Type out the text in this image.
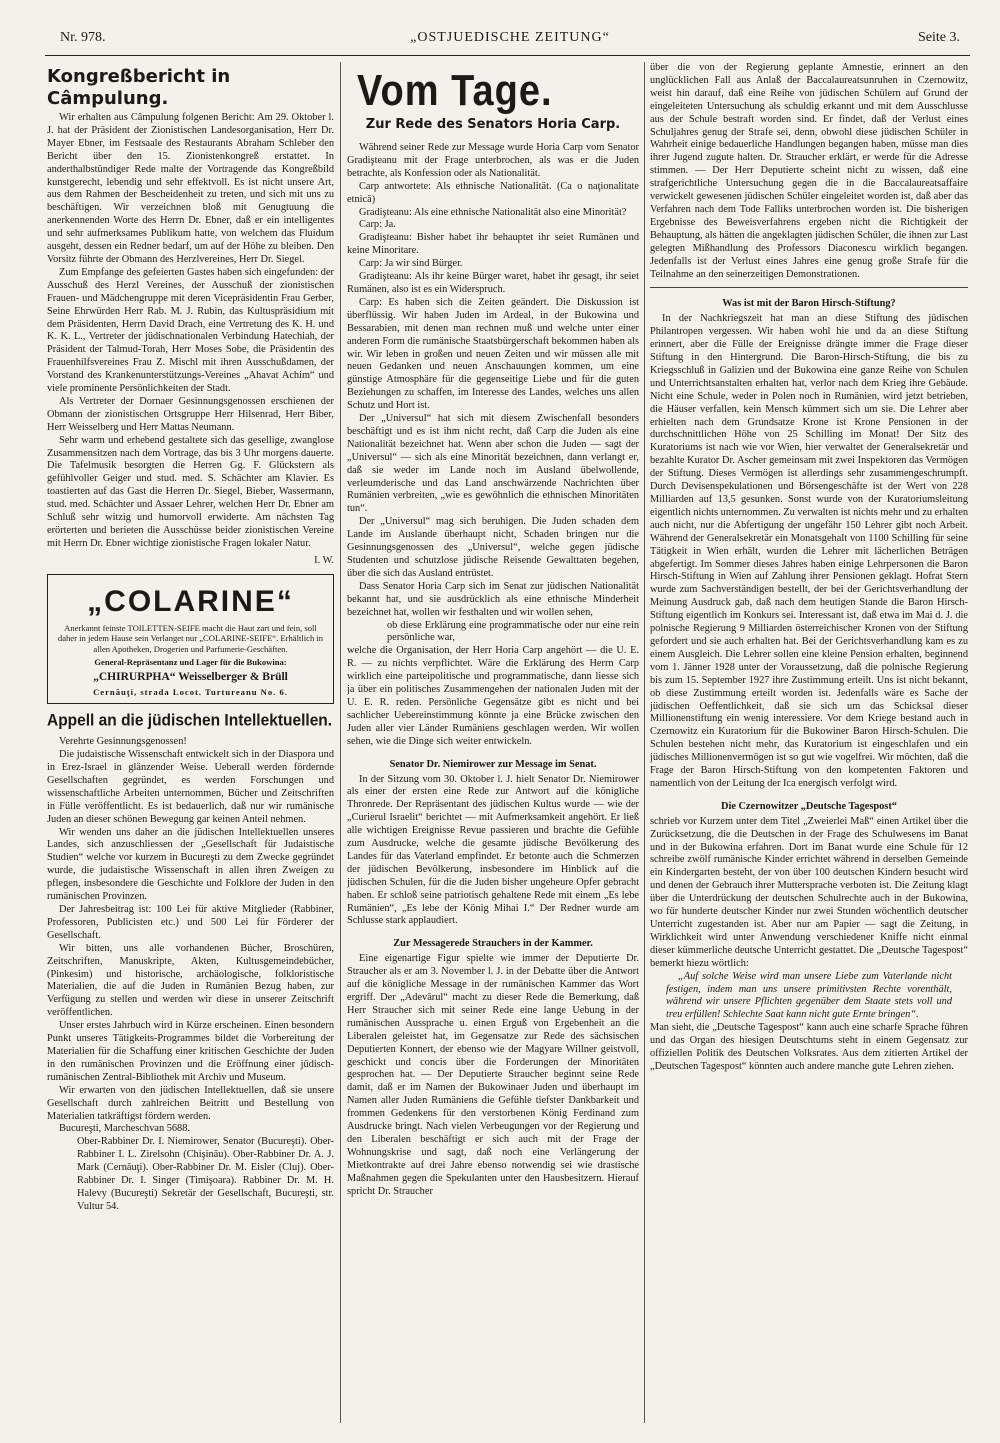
Nr. 978.	„OSTJUEDISCHE ZEITUNG“	Seite 3.
Kongreßbericht in Câmpulung.

Wir erhalten aus Câmpulung folgenen Bericht: Am 29. Oktober l. J. hat der Präsident der Zionistischen Landesorganisation, Herr Dr. Mayer Ebner, im Festsaale des Restaurants Abraham Schleber den Bericht über den 15. Zionistenkongreß erstattet. In anderthalbstündiger Rede malte der Vortragende das Kongreßbild kunstgerecht, lebendig und sehr effektvoll. Es ist nicht unsere Art, aus dem Rahmen der Bescheidenheit zu treten, und sich mit uns zu beschäftigen. Wir verzeichnen bloß mit Genugtuung die anerkennenden Worte des Herrn Dr. Ebner, daß er ein intelligentes und sehr aufmerksames Publikum hatte, von welchem das Fluidum ausgeht, dessen ein Redner bedarf, um auf der Höhe zu bleiben. Den Vorsitz führte der Obmann des Herzlvereines, Herr Dr. Siegel.

Zum Empfange des gefeierten Gastes haben sich eingefunden: der Ausschuß des Herzl Vereines, der Ausschuß der zionistischen Frauen- und Mädchengruppe mit deren Vicepräsidentin Frau Gerber, Seine Ehrwürden Herr Rab. M. J. Rubin, das Kultuspräsidium mit dem Präsidenten, Herrn David Drach, eine Vertretung des K. H. und K. K. L., Vertreter der jüdischnationalen Verbindung Hatechiah, der Präsident der Talmud-Torah, Herr Moses Sobe, die Präsidentin des Frauenhilfsvereines Frau Z. Mischl mit ihren Ausschußdamen, der Vorstand des Krankenunterstützungs-Vereines „Ahavat Achim“ und viele prominente Persönlichkeiten der Stadt.

Als Vertreter der Dornaer Gesinnungsgenossen erschienen der Obmann der zionistischen Ortsgruppe Herr Hilsenrad, Herr Biber, Herr Weisselberg und Herr Mattas Neumann.

Sehr warm und erhebend gestaltete sich das gesellige, zwanglose Zusammensitzen nach dem Vortrage, das bis 3 Uhr morgens dauerte. Die Tafelmusik besorgten die Herren Gg. F. Glückstern als gefühlvoller Geiger und stud. med. S. Schächter am Klavier. Es toastierten auf das Gast die Herren Dr. Siegel, Bieber, Wassermann, stud. med. Schächter und Assaer Lehrer, welchen Herr Dr. Ebner am Schluß sehr witzig und humorvoll erwiderte. Am nächsten Tag erörterten und berieten die Ausschüsse beider zionistischen Vereine mit Herrn Dr. Ebner wichtige zionistische Fragen lokaler Natur.

I. W.
„COLARINE“
Anerkannt feinste TOILETTEN-SEIFE macht die Haut zart und fein, soll daher in jedem Hause sein Verlanget nur „COLARINE-SEIFE“. Erhältlich in allen Apotheken, Drogerien und Parfumerie-Geschäften.
General-Repräsentanz und Lager für die Bukowina:
„CHIRURPHA“ Weisselberger & Brüll
Cernăuţi, strada Locot. Turtureanu No. 6.
Appell an die jüdischen Intellektuellen.

Verehrte Gesinnungsgenossen!

Die judaistische Wissenschaft entwickelt sich in der Diaspora und in Erez-Israel in glänzender Weise. Ueberall werden fördernde Gesellschaften gegründet, es werden Forschungen und wissenschaftliche Arbeiten unternommen, Bücher und Zeitschriften in Fülle veröffentlicht. Es ist bedauerlich, daß nur wir rumänische Juden an dieser schönen Bewegung gar keinen Anteil nehmen.

Wir wenden uns daher an die jüdischen Intellektuellen unseres Landes, sich anzuschliessen der „Gesellschaft für Judaistische Studien“ welche vor kurzem in Bucureşti zu dem Zwecke gegründet wurde, die judaistische Wissenschaft in allen ihren Zweigen zu pflegen, insbesondere die Geschichte und Folklore der Juden in den rumänischen Provinzen.

Der Jahresbeitrag ist: 100 Lei für aktive Mitglieder (Rabbiner, Professoren, Publicisten etc.) und 500 Lei für Förderer der Gesellschaft.

Wir bitten, uns alle vorhandenen Bücher, Broschüren, Zeitschriften, Manuskripte, Akten, Kultusgemeindebücher, (Pinkesim) und historische, archäologische, folkloristische Materialien, die auf die Juden in Rumänien Bezug haben, zur Verfügung zu stellen und werden wir diese in unserer Zeitschrift veröffentlichen.

Unser erstes Jahrbuch wird in Kürze erscheinen. Einen besondern Punkt unseres Tätigkeits-Programmes bildet die Vorbereitung der Materialien für die Schaffung einer kritischen Geschichte der Juden in den rumänischen Provinzen und die Eröffnung einer jüdisch-rumänischen Zentral-Bibliothek mit Archiv und Museum.

Wir erwarten von den jüdischen Intellektuellen, daß sie unsere Gesellschaft durch zahlreichen Beitritt und Bestellung von Materialien tatkräftigst fördern werden.

Bucureşti, Marcheschvan 5688.

Ober-Rabbiner Dr. I. Niemirower, Senator (Bucureşti). Ober-Rabbiner I. L. Zirelsohn (Chişinău). Ober-Rabbiner Dr. A. J. Mark (Cernăuţi). Ober-Rabbiner Dr. M. Eisler (Cluj). Ober-Rabbiner Dr. I. Singer (Timişoara). Rabbiner Dr. M. H. Halevy (Bucureşti) Sekretär der Gesellschaft, Bucureşti, str. Vultur 54.

Vom Tage.
Zur Rede des Senators Horia Carp.

Während seiner Rede zur Message wurde Horia Carp vom Senator Gradişteanu mit der Frage unterbrochen, als was er die Juden betrachte, als Konfession oder als Nationalität.

Carp antwortete: Als ethnische Nationalität. (Ca o naţionalitate etnică)

Gradişteanu: Als eine ethnische Nationalität also eine Minorität?

Carp: Ja.

Gradişteanu: Bisher habet ihr behauptet ihr seiet Rumänen und keine Minoritare.

Carp: Ja wir sind Bürger.

Gradişteanu: Als ihr keine Bürger waret, habet ihr gesagt, ihr seiet Rumänen, also ist es ein Widerspruch.

Carp: Es haben sich die Zeiten geändert. Die Diskussion ist überflüssig. Wir haben Juden im Ardeal, in der Bukowina und Bessarabien, mit denen man rechnen muß und welche unter einer anderen Form die rumänische Staatsbürgerschaft bekommen haben als wir. Wir leben in großen und neuen Zeiten und wir müssen alle mit neuen Gedanken und neuen Anschauungen kommen, um eine günstige Atmosphäre für die gegenseitige Liebe und für die guten Beziehungen zu schaffen, im Interesse des Landes, welches uns allen Schutz und Hort ist.

Der „Universul“ hat sich mit diesem Zwischenfall besonders beschäftigt und es ist ihm nicht recht, daß Carp die Juden als eine Nationalität bezeichnet hat. Wenn aber schon die Juden — sagt der „Universul“ — sich als eine Minorität bezeichnen, dann verlangt er, daß sie weder im Lande noch im Ausland übelwollende, verleumderische und das Land anschwärzende Nachrichten über Rumänien verbreiten, „wie es gewöhnlich die ethnischen Minoritäten tun“.

Der „Universul“ mag sich beruhigen. Die Juden schaden dem Lande im Auslande überhaupt nicht, Schaden bringen nur die Gesinnungsgenossen des „Universul“, welche gegen jüdische Studenten und schutzlose jüdische Reisende Gewalttaten begehen, über die sich das Ausland entrüstet.

Dass Senator Horia Carp sich im Senat zur jüdischen Nationalität bekannt hat, und sie ausdrücklich als eine ethnische Minderheit bezeichnet hat, wollen wir festhalten und wir wollen sehen,

ob diese Erklärung eine programmatische oder nur eine rein persönliche war,

welche die Organisation, der Herr Horia Carp angehört — die U. E. R. — zu nichts verpflichtet. Wäre die Erklärung des Herrn Carp wirklich eine parteipolitische und programmatische, dann liesse sich ja über ein politisches Zusammengehen der nationalen Juden mit der U. E. R. reden. Persönliche Gegensätze gibt es nicht und bei sachlicher Uebereinstimmung könnte ja eine Brücke zwischen den Juden aller vier Länder Rumäniens geschlagen werden. Wir wollen sehen, wie die Dinge sich weiter entwickeln.

Senator Dr. Niemirower zur Message im Senat.

In der Sitzung vom 30. Oktober l. J. hielt Senator Dr. Niemirower als einer der ersten eine Rede zur Antwort auf die königliche Thronrede. Der Repräsentant des jüdischen Kultus wurde — wie der „Curierul Israelit“ berichtet — mit Aufmerksamkeit angehört. Er ließ alle wichtigen Ereignisse Revue passieren und brachte die Gefühle zum Ausdrucke, welche die gesamte jüdische Bevölkerung des Landes für das Vaterland empfindet. Er betonte auch die Schmerzen der jüdischen Bevölkerung, insbesondere im Hinblick auf die jüdischen Schulen, für die die Juden bisher ungeheure Opfer gebracht haben. Er schloß seine patriotisch gehaltene Rede mit einem „Es lebe Rumänien“, „Es lebe der König Mihai I.“ Der Redner wurde am Schlusse stark applaudiert.

Zur Messagerede Strauchers in der Kammer.

Eine eigenartige Figur spielte wie immer der Deputierte Dr. Straucher als er am 3. November l. J. in der Debatte über die Antwort auf die königliche Message in der rumänischen Kammer das Wort ergriff. Der „Adevărul“ macht zu dieser Rede die Bemerkung, daß Herr Straucher sich mit seiner Rede eine lange Uebung in der rumänischen Aussprache u. einen Erguß von Ergebenheit an die Liberalen geleistet hat, im Gegensatze zur Rede des sächsischen Deputierten Konnert, der ebenso wie der Magyare Willner geistvoll, geschickt und concis über die Forderungen der Minoritäten gesprochen hat. — Der Deputierte Straucher beginnt seine Rede damit, daß er im Namen der Bukowinaer Juden und überhaupt im Namen aller Juden Rumäniens die Gefühle tiefster Dankbarkeit und frommen Gedenkens für den verstorbenen König Ferdinand zum Ausdrucke bringt. Nach vielen Verbeugungen vor der Regierung und den Liberalen beschäftigt er sich auch mit der Frage der Wohnungskrise und sagt, daß noch eine Verlängerung der Mietkontrakte auf drei Jahre ebenso notwendig sei wie drastische Maßnahmen gegen die Spekulanten unter den Hausbesitzern. Hierauf spricht Dr. Straucher

über die von der Regierung geplante Amnestie, erinnert an den unglücklichen Fall aus Anlaß der Baccalaureatsunruhen in Czernowitz, weist hin darauf, daß eine Reihe von jüdischen Schülern auf Grund der eingeleiteten Untersuchung als schuldig erkannt und mit dem Ausschlusse aus der Schule bestraft worden sind. Er findet, daß der Verlust eines Schuljahres genug der Strafe sei, denn, obwohl diese jüdischen Schüler in Wahrheit einige bedauerliche Handlungen begangen haben, müsse man dies ihrer Jugend zugute halten. Dr. Straucher erklärt, er werde für die Adresse stimmen. — Der Herr Deputierte scheint nicht zu wissen, daß eine strafgerichtliche Untersuchung gegen die in die Baccalaureatsaffaire verwickelt gewesenen jüdischen Schüler eingeleitet worden ist, daß aber das Verfahren nach dem Tode Falliks unterbrochen worden ist. Die bisherigen Ergebnisse des Beweisverfahrens ergeben nicht die Richtigkeit der Behauptung, als hätten die angeklagten jüdischen Schüler, die ihnen zur Last gelegten Mißhandlung des Professors Diaconescu wirklich begangen. Jedenfalls ist der Verlust eines Jahres eine genug große Strafe für die Teilnahme an den seinerzeitigen Demonstrationen.

Was ist mit der Baron Hirsch-Stiftung?

In der Nachkriegszeit hat man an diese Stiftung des jüdischen Philantropen vergessen. Wir haben wohl hie und da an diese Stiftung erinnert, aber die Fülle der Ereignisse drängte immer die Frage dieser Stiftung in den Hintergrund. Die Baron-Hirsch-Stiftung, die bis zu Kriegsschluß in Galizien und der Bukowina eine ganze Reihe von Schulen und Unterrichtsanstalten erhalten hat, verlor nach dem Krieg ihre Gebäude. Nicht eine Schule, weder in Polen noch in Rumänien, wird jetzt betrieben, die Häuser verfallen, kein Mensch kümmert sich um sie. Die Lehrer aber erhielten nach dem Grundsatze Krone ist Krone Pensionen in der durchschnittlichen Höhe von 25 Schilling im Monat! Der Sitz des Kuratoriums ist nach wie vor Wien, hier verwaltet der Generalsekretär und bezahlte Kurator Dr. Ascher gemeinsam mit zwei Inspektoren das Vermögen der Stiftung. Dieses Vermögen ist allerdings sehr zusammengeschrumpft. Durch Devisenspekulationen und Börsengeschäfte ist der Wert von 228 Milliarden auf 13,5 gesunken. Sonst wurde von der Kuratoriumsleitung eigentlich nichts unternommen. Zu verwalten ist nichts mehr und zu erhalten auch nicht, nur die Abfertigung der ungefähr 150 Lehrer gibt noch Arbeit. Während der Generalsekretär ein Monatsgehalt von 1100 Schilling für seine Tätigkeit in Wien erhält, wurden die Lehrer mit lächerlichen Beträgen abgefertigt. Im Sommer dieses Jahres haben einige Lehrpersonen die Baron Hirsch-Stiftung in Wien auf Zahlung ihrer Pensionen geklagt. Hofrat Stern wurde zum Sachverständigen bestellt, der bei der Gerichtsverhandlung der Meinung Ausdruck gab, daß nach dem heutigen Stande die Baron Hirsch-Stiftung eigentlich im Konkurs sei. Interessant ist, daß etwa im Mai d. J. die polnische Regierung 9 Milliarden österreichischer Kronen von der Stiftung gefordert und sie auch erhalten hat. Bei der Gerichtsverhandlung kam es zu einem Ausgleich. Die Lehrer sollen eine kleine Pension erhalten, beginnend vom 1. Jänner 1928 unter der Voraussetzung, daß die polnische Regierung bis zum 15. September 1927 ihre Zustimmung erteilt. Uns ist nicht bekannt, ob diese Zustimmung erteilt worden ist. Jedenfalls wäre es Sache der jüdischen Oeffentlichkeit, daß sie sich um das Schicksal dieser Millionenstiftung ein wenig interessiere. Vor dem Kriege bestand auch in Czernowitz ein Kuratorium für die Bukowiner Baron Hirsch-Schulen. Die Schulen bestehen nicht mehr, das Kuratorium ist eingeschlafen und ein jüdisches Millionenvermögen ist so gut wie vogelfrei. Wir möchten, daß die Frage der Baron Hirsch-Stiftung von den kompetenten Faktoren und namentlich von der Leitung der Ica energisch verfolgt wird.

Die Czernowitzer „Deutsche Tagespost“

schrieb vor Kurzem unter dem Titel „Zweierlei Maß“ einen Artikel über die Zurücksetzung, die die Deutschen in der Frage des Schulwesens im Banat und in der Bukowina erfahren. Dort im Banat wurde eine Schule für 12 schreibe zwölf rumänische Kinder errichtet während in derselben Gemeinde ein Kindergarten besteht, der von über 100 deutschen Kindern besucht wird und denen der Gebrauch ihrer Muttersprache verboten ist. Die Zeitung klagt über die Unterdrückung der deutschen Schulrechte auch in der Bukowina, wo für hunderte deutscher Kinder nur zwei Stunden wöchentlich deutscher Unterricht zugestanden ist. Aber nur am Papier — sagt die Zeitung, in Wirklichkeit wird unter Anwendung verschiedener Kniffe nicht einmal dieser kümmerliche deutsche Unterricht gestattet. Die „Deutsche Tagespost“ bemerkt hiezu wörtlich:

„Auf solche Weise wird man unsere Liebe zum Vaterlande nicht festigen, indem man uns unsere primitivsten Rechte vorenthält, während wir unsere Pflichten gegenüber dem Staate stets voll und treu erfüllen! Schlechte Saat kann nicht gute Ernte bringen“.

Man sieht, die „Deutsche Tagespost“ kann auch eine scharfe Sprache führen und das Organ des hiesigen Deutschtums steht in einem Gegensatz zur offiziellen Politik des Deutschen Volksrates. Aus dem zitierten Artikel der „Deutschen Tagespost“ könnten auch andere manche gute Lehren ziehen.
